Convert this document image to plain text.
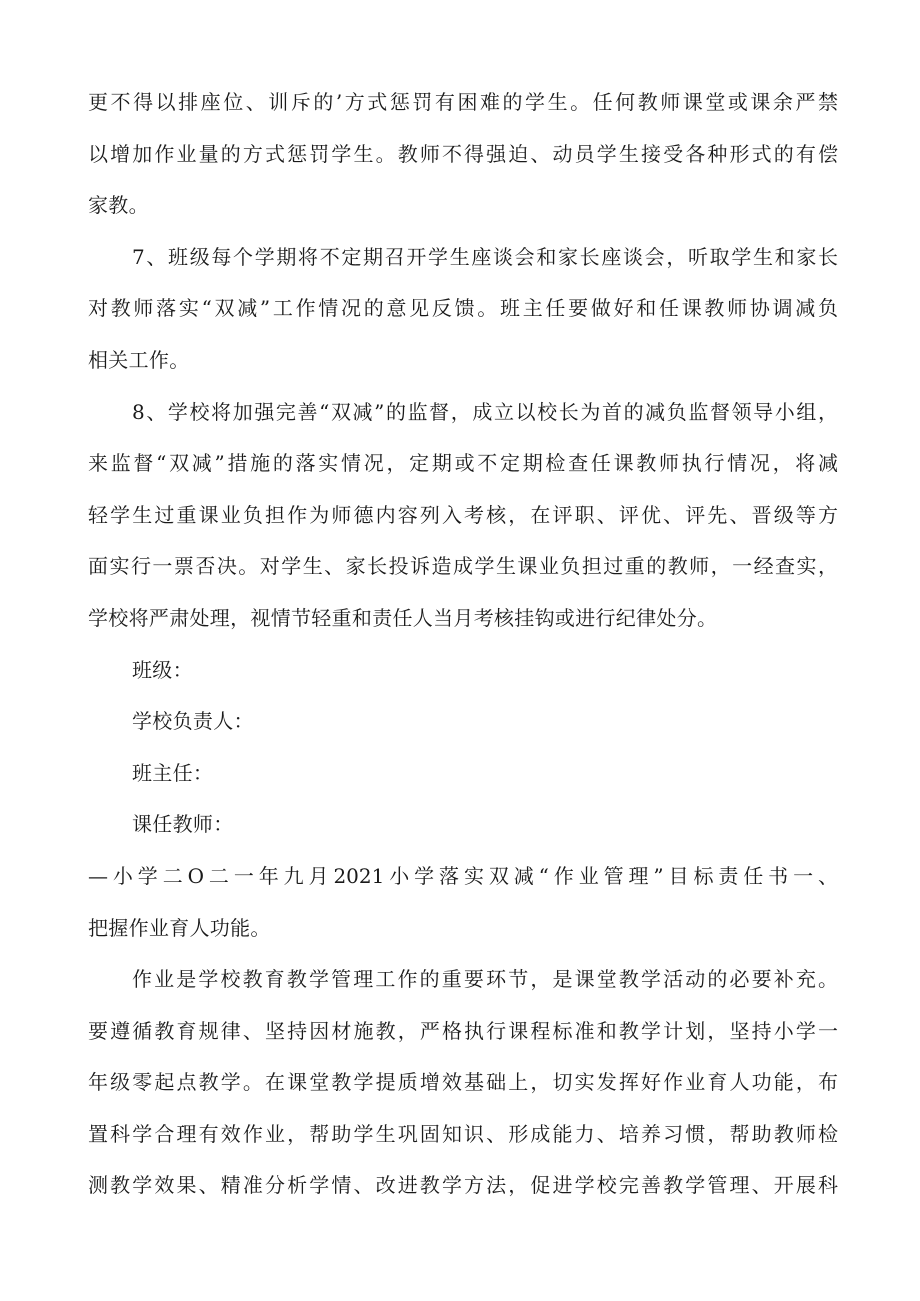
更不得以排座位、训斥的’方式惩罚有困难的学生。任何教师课堂或课余严禁
以增加作业量的方式惩罚学生。教师不得强迫、动员学生接受各种形式的有偿
家教。
7、班级每个学期将不定期召开学生座谈会和家长座谈会，听取学生和家长
对教师落实“双减”工作情况的意见反馈。班主任要做好和任课教师协调减负
相关工作。
8、学校将加强完善“双减”的监督，成立以校长为首的减负监督领导小组，
来监督“双减”措施的落实情况，定期或不定期检查任课教师执行情况，将减
轻学生过重课业负担作为师德内容列入考核，在评职、评优、评先、晋级等方
面实行一票否决。对学生、家长投诉造成学生课业负担过重的教师，一经查实，
学校将严肃处理，视情节轻重和责任人当月考核挂钩或进行纪律处分。
班级：
学校负责人：
班主任：
课任教师：
—小学二O二一年九月2021小学落实双减“作业管理”目标责任书一、
把握作业育人功能。
作业是学校教育教学管理工作的重要环节，是课堂教学活动的必要补充。
要遵循教育规律、坚持因材施教，严格执行课程标准和教学计划，坚持小学一
年级零起点教学。在课堂教学提质增效基础上，切实发挥好作业育人功能，布
置科学合理有效作业，帮助学生巩固知识、形成能力、培养习惯，帮助教师检
测教学效果、精准分析学情、改进教学方法，促进学校完善教学管理、开展科
